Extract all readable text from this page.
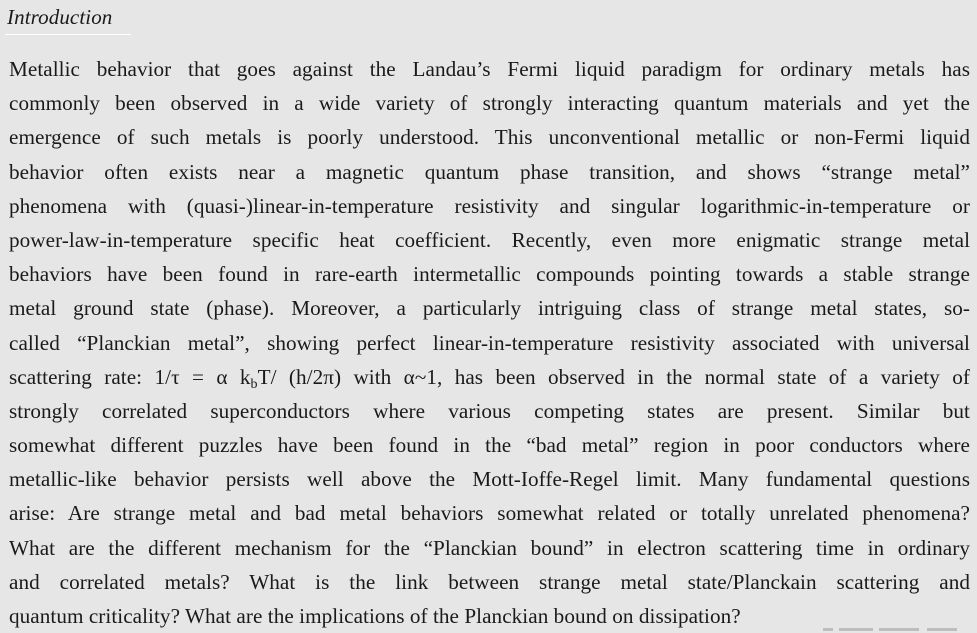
Introduction
Metallic behavior that goes against the Landau’s Fermi liquid paradigm for ordinary metals has
commonly been observed in a wide variety of strongly interacting quantum materials and yet the
emergence of such metals is poorly understood. This unconventional metallic or non-Fermi liquid
behavior often exists near a magnetic quantum phase transition, and shows “strange metal”
phenomena with (quasi-)linear-in-temperature resistivity and singular logarithmic-in-temperature or
power-law-in-temperature specific heat coefficient. Recently, even more enigmatic strange metal
behaviors have been found in rare-earth intermetallic compounds pointing towards a stable strange
metal ground state (phase). Moreover, a particularly intriguing class of strange metal states, so-
called “Planckian metal”, showing perfect linear-in-temperature resistivity associated with universal
scattering rate: 1/τ = α $k_bT/$ (h/2π) with α~1, has been observed in the normal state of a variety of
strongly correlated superconductors where various competing states are present. Similar but
somewhat different puzzles have been found in the “bad metal” region in poor conductors where
metallic-like behavior persists well above the Mott-Ioffe-Regel limit. Many fundamental questions
arise: Are strange metal and bad metal behaviors somewhat related or totally unrelated phenomena?
What are the different mechanism for the “Planckian bound” in electron scattering time in ordinary
and correlated metals? What is the link between strange metal state/Planckain scattering and
quantum criticality? What are the implications of the Planckian bound on dissipation?
